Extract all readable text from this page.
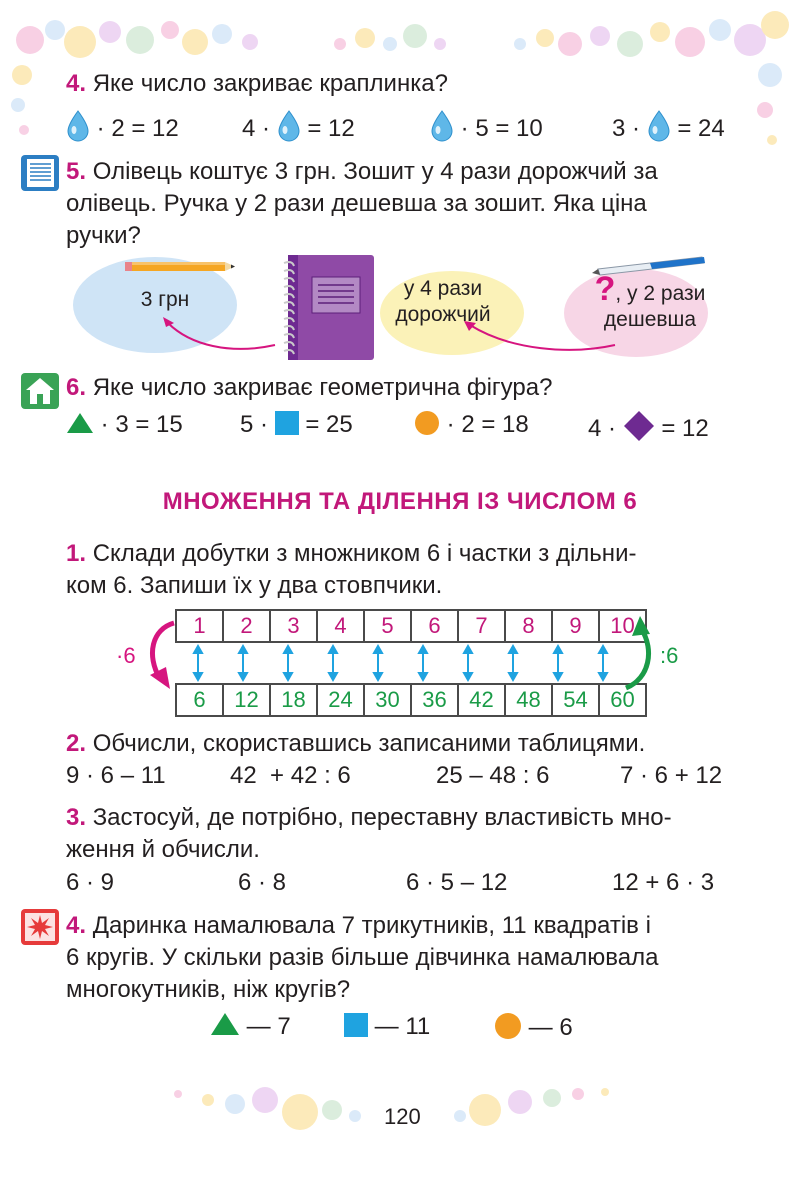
4. Яке число закриває краплинка?
· 2 = 12	4 · = 12	· 5 = 10	3 · = 24
5. Олівець коштує 3 грн. Зошит у 4 рази дорожчий за
олівець. Ручка у 2 рази дешевша за зошит. Яка ціна
ручки?
3 грн	у 4 рази
дорожчий
?, у 2 рази
дешевша
6. Яке число закриває геометрична фігура?
· 3 = 15 5 · = 25	· 2 = 18 4 · = 12
МНОЖЕННЯ ТА ДІЛЕННЯ ІЗ ЧИСЛОМ 6
1. Склади добутки з множником 6 і частки з дільни-
ком 6. Запиши їх у два стовпчики.
1	2	3	4	5	6	7	8	9	10
6	12	18	24	30	36	42	48	54	60
·6	:6
2. Обчисли, скориставшись записаними таблицями.
9 · 6 – 11	42  + 42 : 6	25 – 48 : 6	7 · 6 + 12
3. Застосуй, де потрібно, переставну властивість мно-
ження й обчисли.
6 · 9	6 · 8	6 · 5 – 12	12 + 6 · 3
4. Даринка намалювала 7 трикутників, 11 квадратів і
6 кругів. У скільки разів більше дівчинка намалювала
многокутників, ніж кругів?
— 7	— 11	— 6
120
